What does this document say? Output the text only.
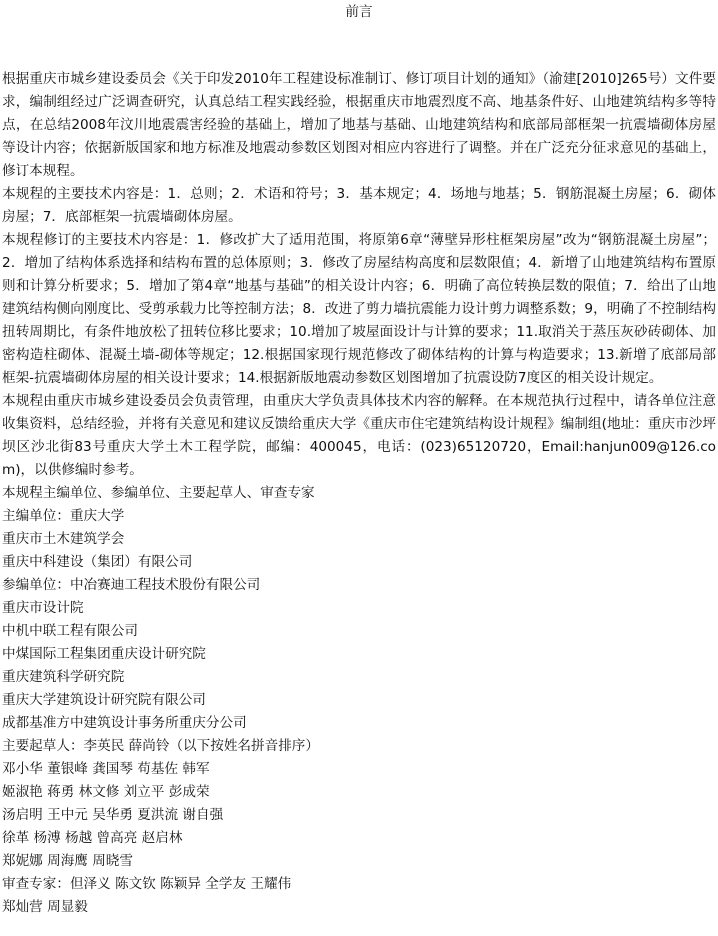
前言

根据重庆市城乡建设委员会《关于印发2010年工程建设标准制订、修订项目计划的通知》（渝建[2010]265号）文件要求，编制组经过广泛调查研究，认真总结工程实践经验，根据重庆市地震烈度不高、地基条件好、山地建筑结构多等特点，在总结2008年汶川地震震害经验的基础上，增加了地基与基础、山地建筑结构和底部局部框架一抗震墙砌体房屋等设计内容；依据新版国家和地方标准及地震动参数区划图对相应内容进行了调整。并在广泛充分征求意见的基础上，修订本规程。

本规程的主要技术内容是：1．总则；2．术语和符号；3．基本规定；4．场地与地基；5．钢筋混凝土房屋；6．砌体房屋；7．底部框架一抗震墙砌体房屋。

本规程修订的主要技术内容是：1．修改扩大了适用范围，将原第6章“薄壁异形柱框架房屋”改为“钢筋混凝土房屋”；2．增加了结构体系选择和结构布置的总体原则；3．修改了房屋结构高度和层数限值；4．新增了山地建筑结构布置原则和计算分析要求；5．增加了第4章“地基与基础”的相关设计内容；6．明确了高位转换层数的限值；7．给出了山地建筑结构侧向刚度比、受剪承载力比等控制方法；8．改进了剪力墙抗震能力设计剪力调整系数；9，明确了不控制结构扭转周期比，有条件地放松了扭转位移比要求；10.增加了坡屋面设计与计算的要求；11.取消关于蒸压灰砂砖砌体、加密构造柱砌体、混凝土墙-砌体等规定；12.根据国家现行规范修改了砌体结构的计算与构造要求；13.新增了底部局部框架-抗震墙砌体房屋的相关设计要求；14.根据新版地震动参数区划图增加了抗震设防7度区的相关设计规定。

本规程由重庆市城乡建设委员会负责管理，由重庆大学负责具体技术内容的解释。在本规范执行过程中，请各单位注意收集资料，总结经验，并将有关意见和建议反馈给重庆大学《重庆市住宅建筑结构设计规程》编制组(地址：重庆市沙坪坝区沙北街83号重庆大学土木工程学院，邮编：400045，电话：(023)65120720，Email:hanjun009@126.com)，以供修编时参考。

本规程主编单位、参编单位、主要起草人、审查专家

主编单位：重庆大学

重庆市土木建筑学会

重庆中科建设（集团）有限公司

参编单位：中冶赛迪工程技术股份有限公司

重庆市设计院

中机中联工程有限公司

中煤国际工程集团重庆设计研究院

重庆建筑科学研究院

重庆大学建筑设计研究院有限公司

成都基准方中建筑设计事务所重庆分公司

主要起草人：李英民 薛尚铃（以下按姓名拼音排序）

邓小华 董银峰 龚国琴 苟基佐 韩军

姬淑艳 蒋勇 林文修 刘立平 彭成荣

汤启明 王中元 吴华勇 夏洪流 谢自强

徐革 杨溥 杨越 曾高亮 赵启林

郑妮娜 周海鹰 周晓雪

审查专家：但泽义 陈文钦 陈颖异 全学友 王耀伟

郑灿营 周显毅
